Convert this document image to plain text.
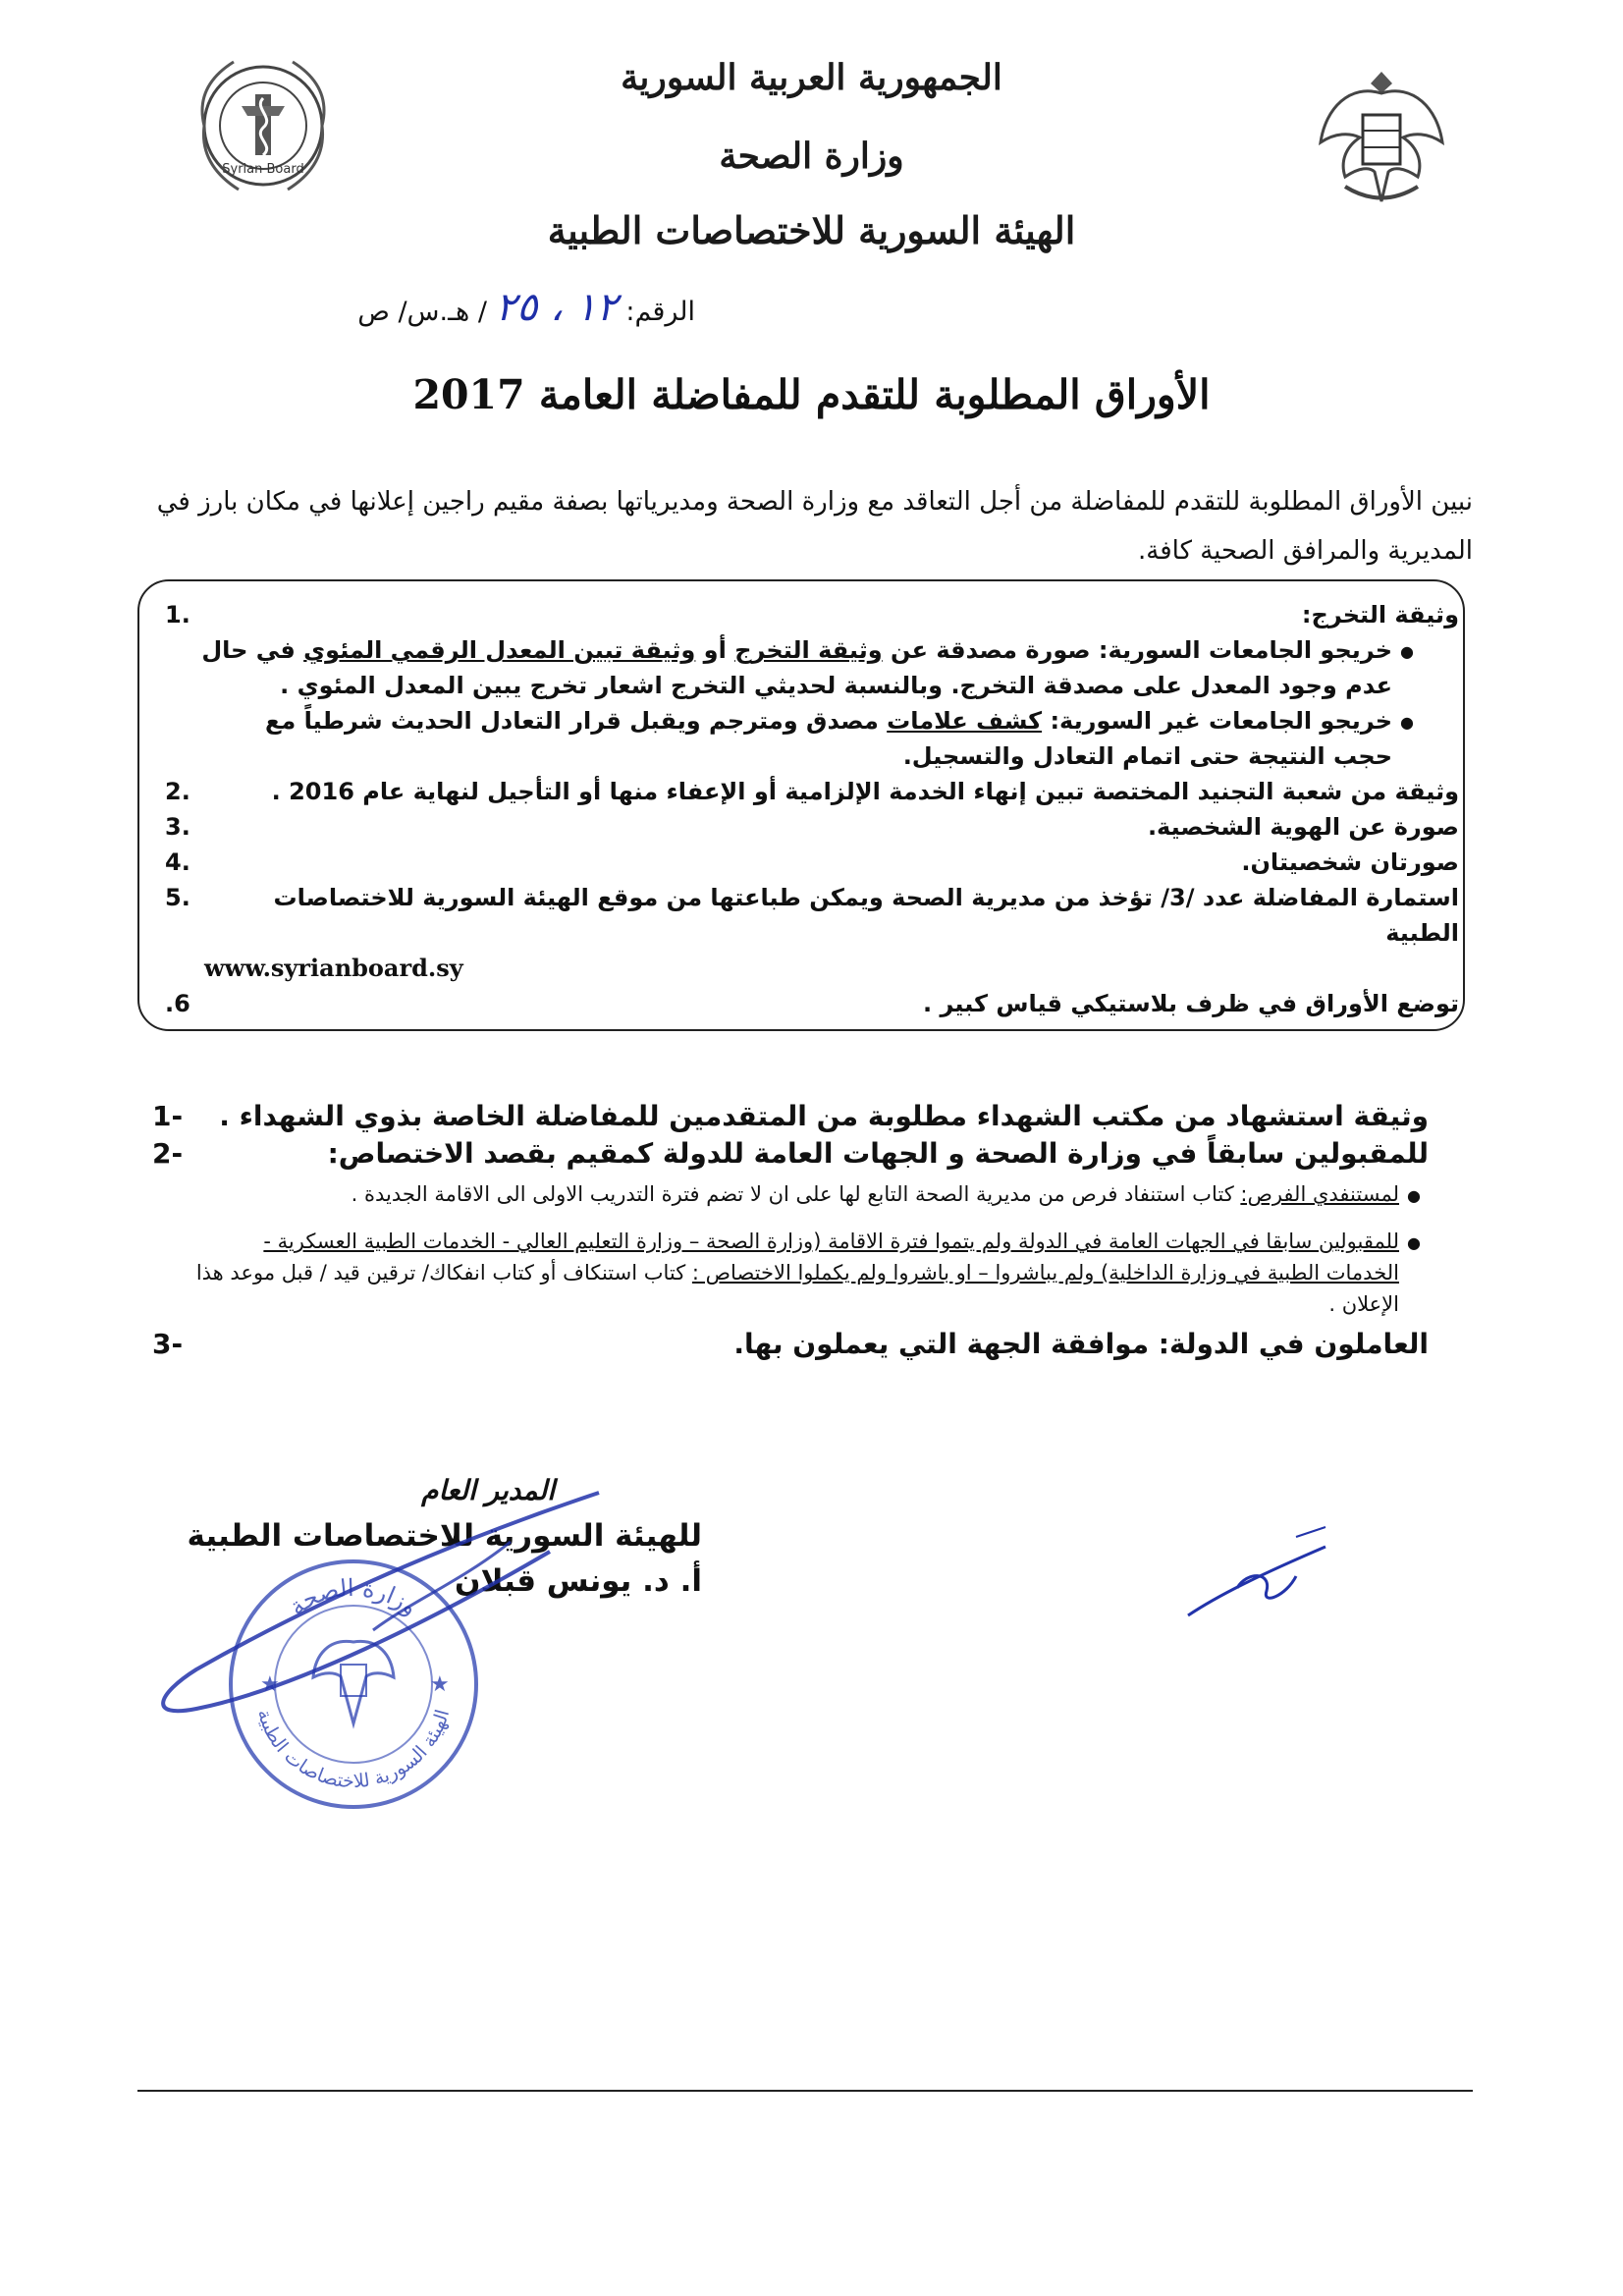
الجمهورية العربية السورية
وزارة الصحة
الهيئة السورية للاختصاصات الطبية
Syrian Board
الرقم: ١٢ ، ٢٥ / هـ.س/ ص
الأوراق المطلوبة للتقدم للمفاضلة العامة 2017
نبين الأوراق المطلوبة للتقدم للمفاضلة من أجل التعاقد مع وزارة الصحة ومديرياتها بصفة مقيم راجين إعلانها في مكان بارز في المديرية والمرافق الصحية كافة.
وثيقة التخرج:
1.
●
خريجو الجامعات السورية: صورة مصدقة عن وثيقة التخرج أو وثيقة تبين المعدل الرقمي المئوي في حال عدم وجود المعدل على مصدقة التخرج. وبالنسبة لحديثي التخرج اشعار تخرج يبين المعدل المئوي .
●
خريجو الجامعات غير السورية: كشف علامات مصدق ومترجم ويقبل قرار التعادل الحديث شرطياً مع حجب النتيجة حتى اتمام التعادل والتسجيل.
وثيقة من شعبة التجنيد المختصة تبين إنهاء الخدمة الإلزامية أو الإعفاء منها أو التأجيل لنهاية عام 2016 .
2.
صورة عن الهوية الشخصية.
3.
صورتان شخصيتان.
4.
استمارة المفاضلة عدد /3/ تؤخذ من مديرية الصحة ويمكن طباعتها من موقع الهيئة السورية للاختصاصات الطبية
5.
www.syrianboard.sy
توضع الأوراق في ظرف بلاستيكي قياس كبير .
.6
وثيقة استشهاد من مكتب الشهداء مطلوبة من المتقدمين للمفاضلة الخاصة بذوي الشهداء .
1-
للمقبولين سابقاً في وزارة الصحة و الجهات العامة للدولة كمقيم بقصد الاختصاص:
2-
●
لمستنفدي الفرص: كتاب استنفاد فرص من مديرية الصحة التابع لها على ان لا تضم فترة التدريب الاولى الى الاقامة الجديدة .
●
للمقبولين سابقا في الجهات العامة في الدولة ولم يتموا فترة الاقامة (وزارة الصحة – وزارة التعليم العالي - الخدمات الطبية العسكرية - الخدمات الطبية في وزارة الداخلية) ولم يباشروا – او باشروا ولم يكملوا الاختصاص : كتاب استنكاف أو كتاب انفكاك/ ترقين قيد / قبل موعد هذا الإعلان .
العاملون في الدولة: موافقة الجهة التي يعملون بها.
3-
وزارة الصحة
الهيئة السورية للاختصاصات الطبية
★	★
المدير العام
للهيئة السورية للاختصاصات الطبية
أ. د. يونس قبلان
